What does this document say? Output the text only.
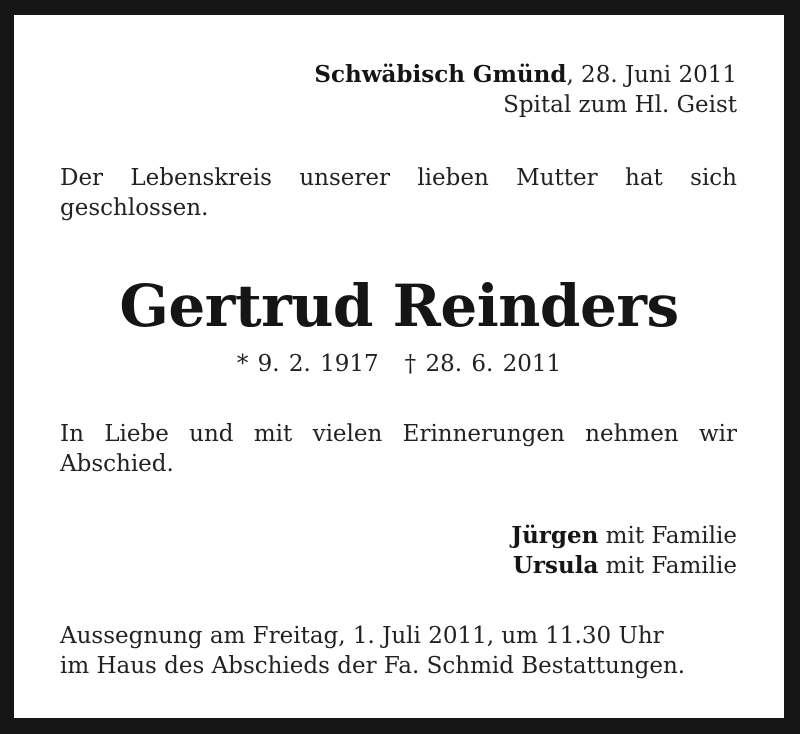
Schwäbisch Gmünd, 28. Juni 2011
Spital zum Hl. Geist
Der Lebenskreis unserer lieben Mutter hat sich
geschlossen.
Gertrud Reinders
* 9. 2. 1917 † 28. 6. 2011
In Liebe und mit vielen Erinnerungen nehmen wir
Abschied.
Jürgen mit Familie
Ursula mit Familie
Aussegnung am Freitag, 1. Juli 2011, um 11.30 Uhr
im Haus des Abschieds der Fa. Schmid Bestattungen.
